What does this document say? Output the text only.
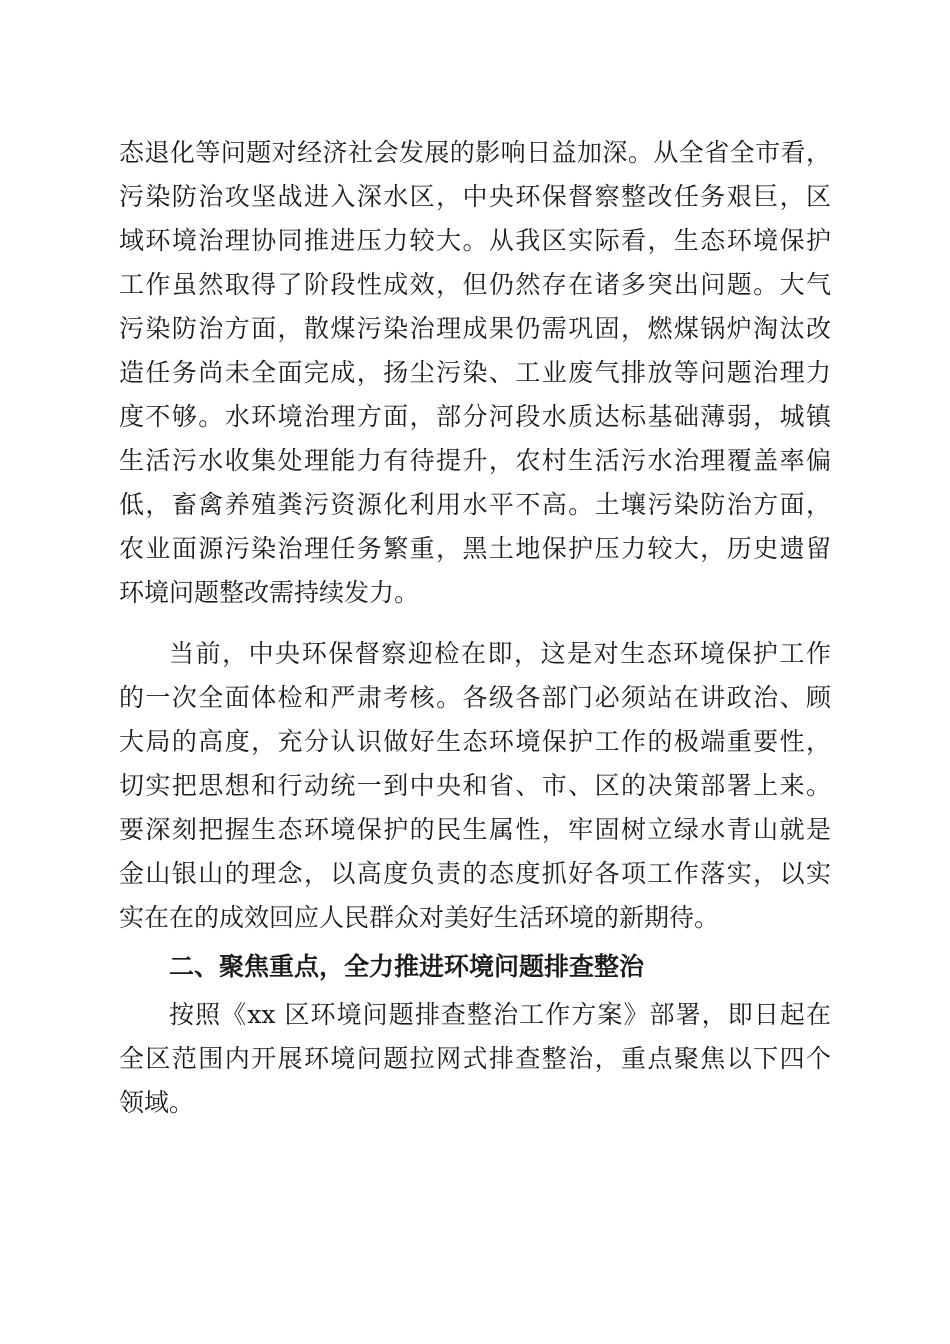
态退化等问题对经济社会发展的影响日益加深。从全省全市看，
污染防治攻坚战进入深水区，中央环保督察整改任务艰巨，区
域环境治理协同推进压力较大。从我区实际看，生态环境保护
工作虽然取得了阶段性成效，但仍然存在诸多突出问题。大气
污染防治方面，散煤污染治理成果仍需巩固，燃煤锅炉淘汰改
造任务尚未全面完成，扬尘污染、工业废气排放等问题治理力
度不够。水环境治理方面，部分河段水质达标基础薄弱，城镇
生活污水收集处理能力有待提升，农村生活污水治理覆盖率偏
低，畜禽养殖粪污资源化利用水平不高。土壤污染防治方面，
农业面源污染治理任务繁重，黑土地保护压力较大，历史遗留
环境问题整改需持续发力。
当前，中央环保督察迎检在即，这是对生态环境保护工作
的一次全面体检和严肃考核。各级各部门必须站在讲政治、顾
大局的高度，充分认识做好生态环境保护工作的极端重要性，
切实把思想和行动统一到中央和省、市、区的决策部署上来。
要深刻把握生态环境保护的民生属性，牢固树立绿水青山就是
金山银山的理念，以高度负责的态度抓好各项工作落实，以实
实在在的成效回应人民群众对美好生活环境的新期待。
二、聚焦重点，全力推进环境问题排查整治
按照《xx 区环境问题排查整治工作方案》部署，即日起在
全区范围内开展环境问题拉网式排查整治，重点聚焦以下四个
领域。
